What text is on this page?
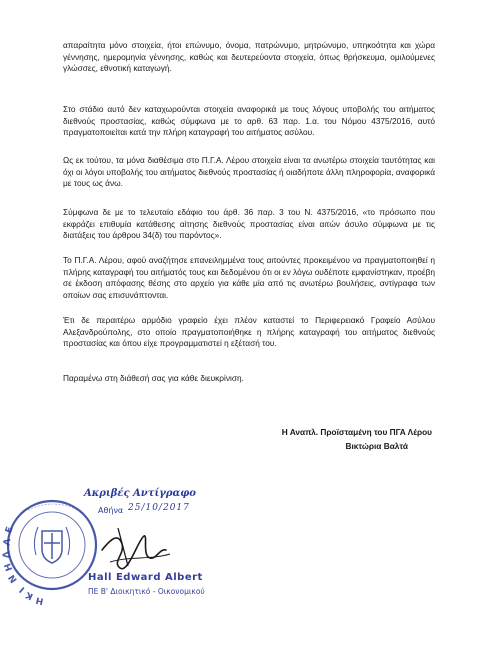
απαραίτητα μόνο στοιχεία, ήτοι επώνυμο, όνομα, πατρώνυμο, μητρώνυμο, υπηκοότητα και χώρα γέννησης, ημερομηνία γέννησης, καθώς και δευτερεύοντα στοιχεία, όπως θρήσκευμα, ομιλούμενες γλώσσες, εθνοτική καταγωγή.

Στο στάδιο αυτό δεν καταχωρούνται στοιχεία αναφορικά με τους λόγους υποβολής του αιτήματος διεθνούς προστασίας, καθώς σύμφωνα με το αρθ. 63 παρ. 1.α. του Νόμου 4375/2016, αυτό πραγματοποιείται κατά την πλήρη καταγραφή του αιτήματος ασύλου.

Ως εκ τούτου, τα μόνα διαθέσιμα στο Π.Γ.Α. Λέρου στοιχεία είναι τα ανωτέρω στοιχεία ταυτότητας και όχι οι λόγοι υποβολής του αιτήματος διεθνούς προστασίας ή οιαδήποτε άλλη πληροφορία, αναφορικά με τους ως άνω.

Σύμφωνα δε με το τελευταίο εδάφιο του άρθ. 36 παρ. 3 του Ν. 4375/2016, «το πρόσωπο που εκφράζει επιθυμία κατάθεσης αίτησης διεθνούς προστασίας είναι αιτών άσυλο σύμφωνα με τις διατάξεις του άρθρου 34(δ) του παρόντος».

Το Π.Γ.Α. Λέρου, αφού αναζήτησε επανειλημμένα τους αιτούντες προκειμένου να πραγματοποιηθεί η πλήρης καταγραφή του αιτήματός τους και δεδομένου ότι οι εν λόγω ουδέποτε εμφανίστηκαν, προέβη σε έκδοση απόφασης θέσης στο αρχείο για κάθε μία από τις ανωτέρω βουλήσεις, αντίγραφα των οποίων σας επισυνάπτονται.

Έτι δε περαιτέρω αρμόδιο γραφείο έχει πλέον καταστεί το Περιφερειακό Γραφείο Ασύλου Αλεξανδρούπολης, στο οποίο πραγματοποιήθηκε η πλήρης καταγραφή του αιτήματος διεθνούς προστασίας και όπου είχε προγραμματιστεί η εξέτασή του.

Παραμένω στη διάθεσή σας για κάθε διευκρίνιση.

Η Αναπλ. Προϊσταμένη του ΠΓΑ Λέρου
Βικτώρια Βαλτά
Ε
Λ
Λ
Η
Ν
Ι
Κ Η
Ακριβές Αντίγραφο
Αθήνα 25/10/2017
Hall Edward Albert
ΠΕ Β' Διοικητικό - Οικονομικού
